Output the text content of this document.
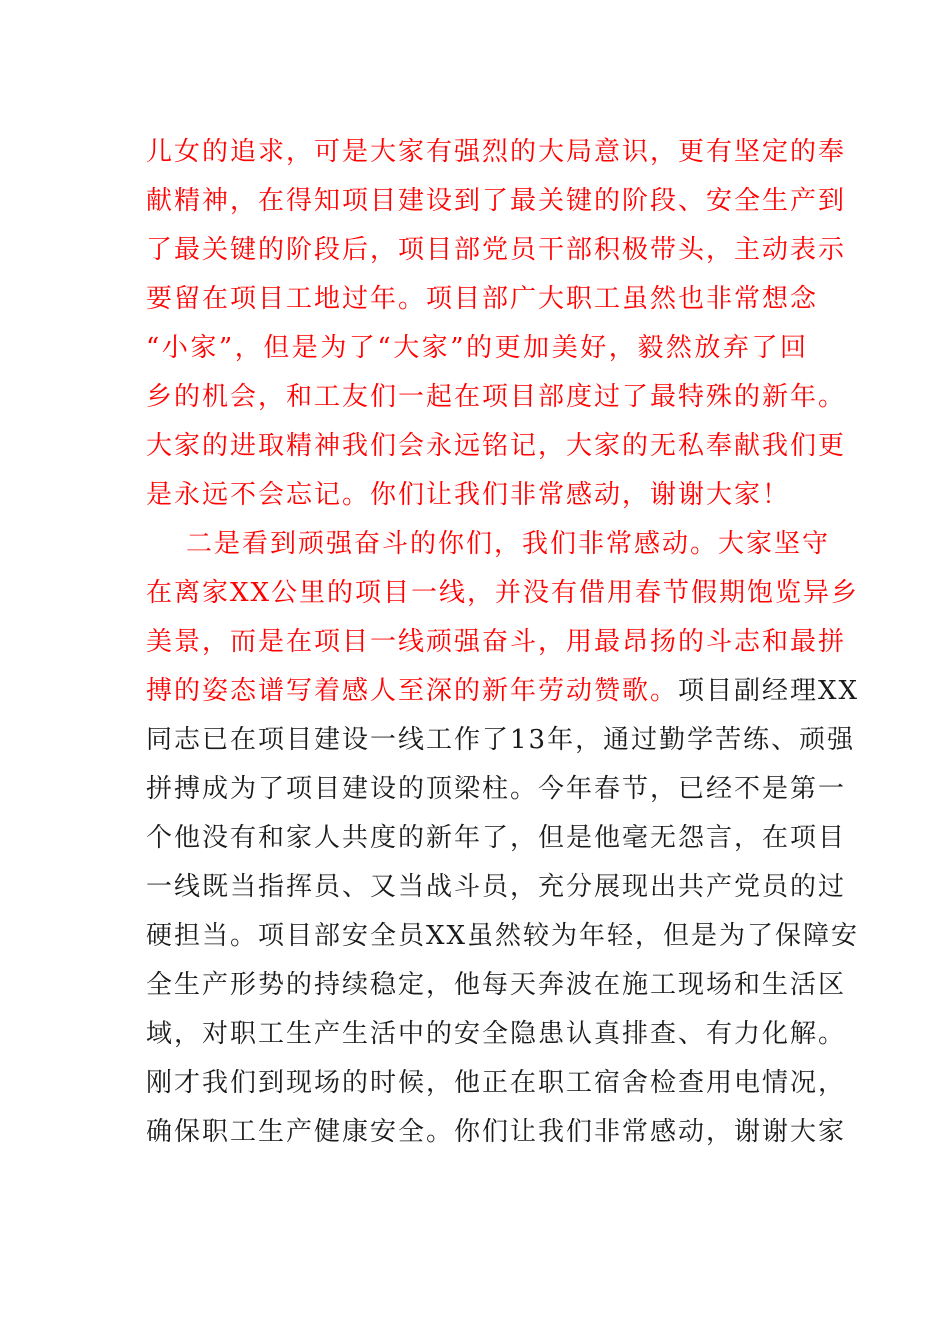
儿女的追求，可是大家有强烈的大局意识，更有坚定的奉
献精神，在得知项目建设到了最关键的阶段、安全生产到
了最关键的阶段后，项目部党员干部积极带头，主动表示
要留在项目工地过年。项目部广大职工虽然也非常想念
“小家”，但是为了“大家”的更加美好，毅然放弃了回
乡的机会，和工友们一起在项目部度过了最特殊的新年。
大家的进取精神我们会永远铭记，大家的无私奉献我们更
是永远不会忘记。你们让我们非常感动，谢谢大家！
二是看到顽强奋斗的你们，我们非常感动。大家坚守
在离家XX公里的项目一线，并没有借用春节假期饱览异乡
美景，而是在项目一线顽强奋斗，用最昂扬的斗志和最拼
搏的姿态谱写着感人至深的新年劳动赞歌。项目副经理XX
同志已在项目建设一线工作了13年，通过勤学苦练、顽强
拼搏成为了项目建设的顶梁柱。今年春节，已经不是第一
个他没有和家人共度的新年了，但是他毫无怨言，在项目
一线既当指挥员、又当战斗员，充分展现出共产党员的过
硬担当。项目部安全员XX虽然较为年轻，但是为了保障安
全生产形势的持续稳定，他每天奔波在施工现场和生活区
域，对职工生产生活中的安全隐患认真排查、有力化解。
刚才我们到现场的时候，他正在职工宿舍检查用电情况，
确保职工生产健康安全。你们让我们非常感动，谢谢大家
